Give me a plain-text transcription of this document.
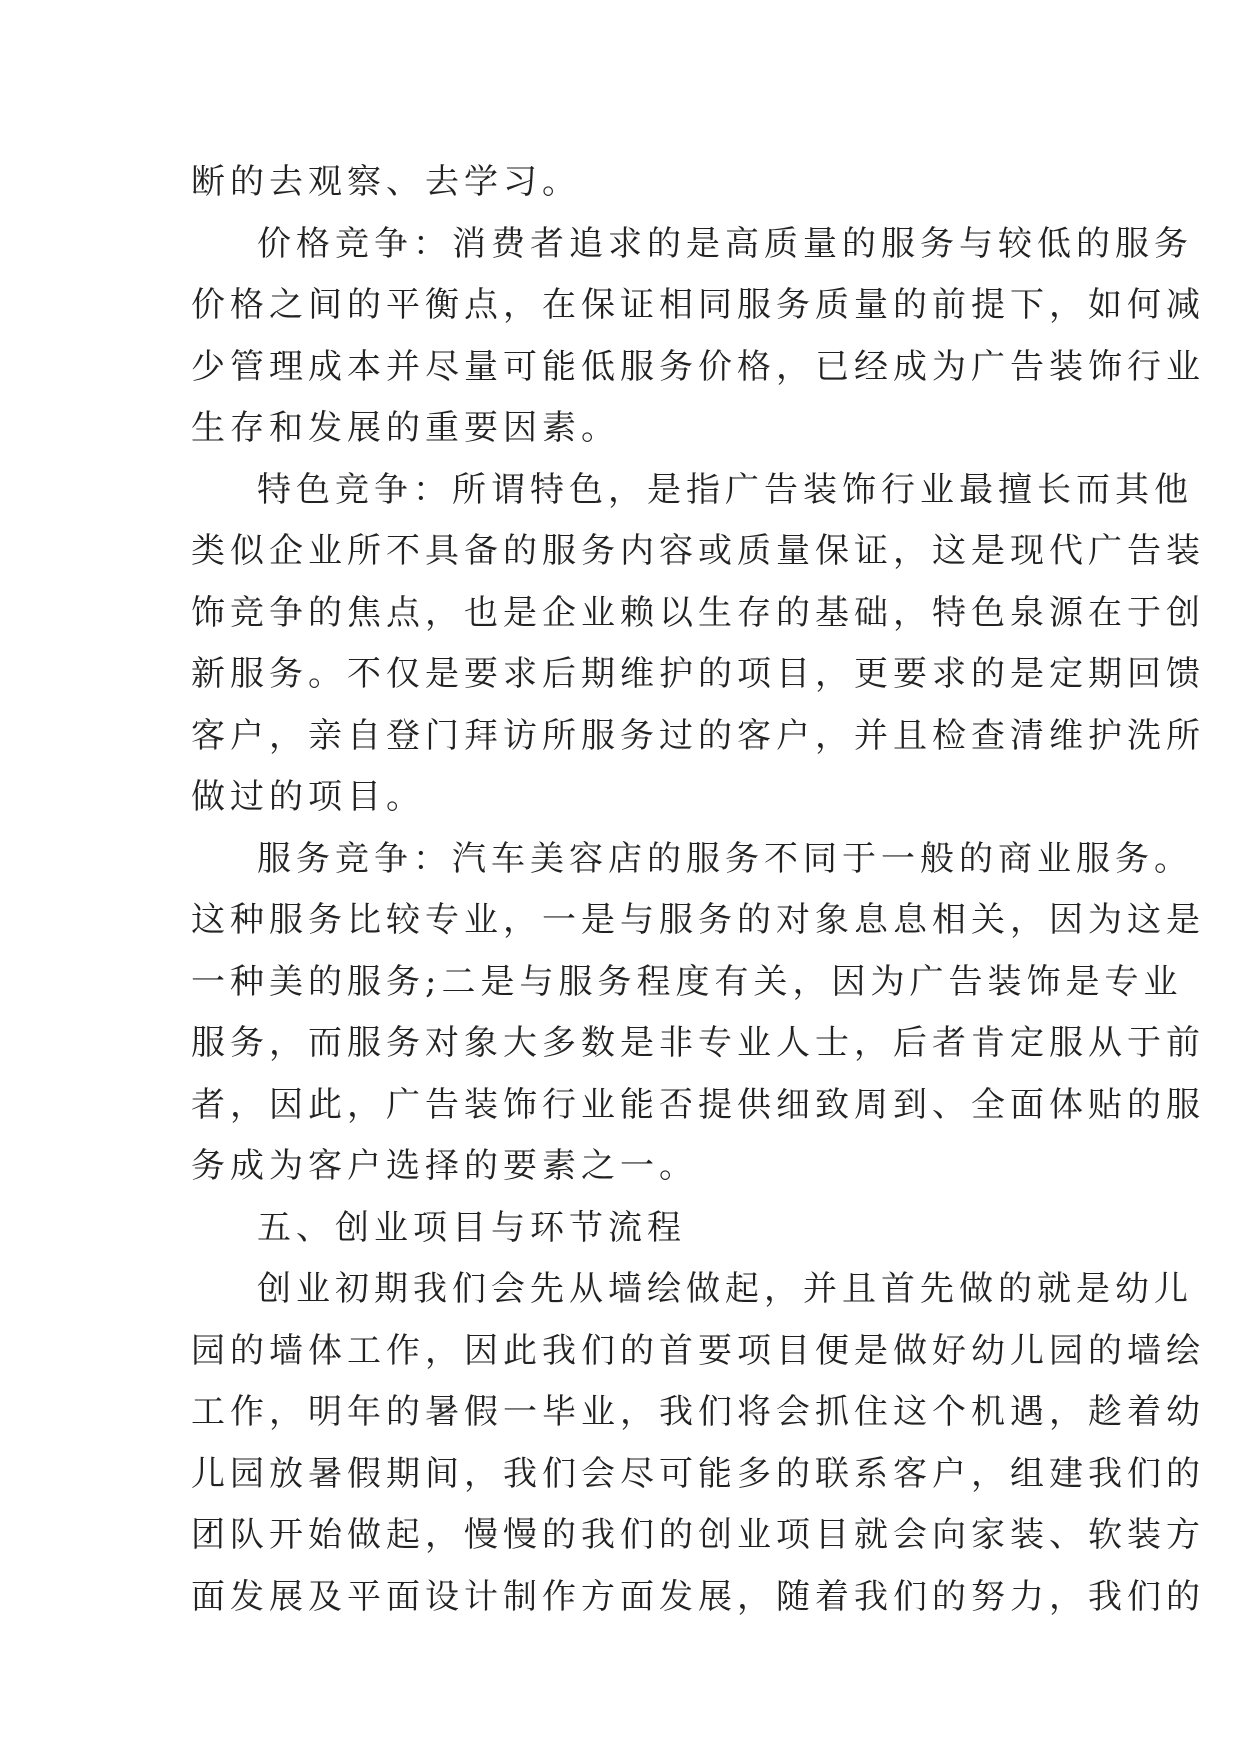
断的去观察、去学习。
价格竞争：消费者追求的是高质量的服务与较低的服务
价格之间的平衡点，在保证相同服务质量的前提下，如何减
少管理成本并尽量可能低服务价格，已经成为广告装饰行业
生存和发展的重要因素。
特色竞争：所谓特色，是指广告装饰行业最擅长而其他
类似企业所不具备的服务内容或质量保证，这是现代广告装
饰竞争的焦点，也是企业赖以生存的基础，特色泉源在于创
新服务。不仅是要求后期维护的项目，更要求的是定期回馈
客户，亲自登门拜访所服务过的客户，并且检查清维护洗所
做过的项目。
服务竞争：汽车美容店的服务不同于一般的商业服务。
这种服务比较专业，一是与服务的对象息息相关，因为这是
一种美的服务;二是与服务程度有关，因为广告装饰是专业
服务，而服务对象大多数是非专业人士，后者肯定服从于前
者，因此，广告装饰行业能否提供细致周到、全面体贴的服
务成为客户选择的要素之一。
五、创业项目与环节流程
创业初期我们会先从墙绘做起，并且首先做的就是幼儿
园的墙体工作，因此我们的首要项目便是做好幼儿园的墙绘
工作，明年的暑假一毕业，我们将会抓住这个机遇，趁着幼
儿园放暑假期间，我们会尽可能多的联系客户，组建我们的
团队开始做起，慢慢的我们的创业项目就会向家装、软装方
面发展及平面设计制作方面发展，随着我们的努力，我们的
